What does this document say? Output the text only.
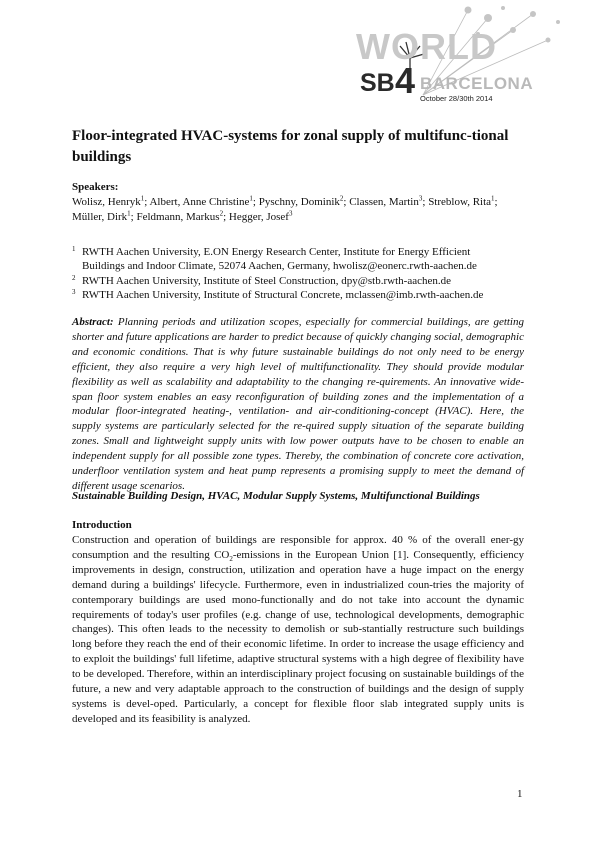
WORLD
SB 4 BARCELONA
October 28/30th 2014
Floor-integrated HVAC-systems for zonal supply of multifunc-tional buildings
Speakers:
Wolisz, Henryk$^1$; Albert, Anne Christine$^1$; Pyschny, Dominik$^2$; Classen, Martin$^3$; Streblow, Rita$^1$; Müller, Dirk$^1$; Feldmann, Markus$^2$; Hegger, Josef$^3$
1 RWTH Aachen University, E.ON Energy Research Center, Institute for Energy Efficient
Buildings and Indoor Climate, 52074 Aachen, Germany, hwolisz@eonerc.rwth-aachen.de
2 RWTH Aachen University, Institute of Steel Construction, dpy@stb.rwth-aachen.de
3 RWTH Aachen University, Institute of Structural Concrete, mclassen@imb.rwth-aachen.de
Abstract: Planning periods and utilization scopes, especially for commercial buildings, are getting shorter and future applications are harder to predict because of quickly changing social, demographic and economic conditions. That is why future sustainable buildings do not only need to be energy efficient, they also require a very high level of multifunctionality. They should provide modular flexibility as well as scalability and adaptability to the changing re-quirements. An innovative wide-span floor system enables an easy reconfiguration of building zones and the implementation of a modular floor-integrated heating-, ventilation- and air-conditioning-concept (HVAC). Here, the supply systems are particularly selected for the re-quired supply situation of the separate building zones. Small and lightweight supply units with low power outputs have to be chosen to enable an independent supply for all possible zone types. Thereby, the combination of concrete core activation, underfloor ventilation system and heat pump represents a promising supply to meet the demand of different usage scenarios.
Sustainable Building Design, HVAC, Modular Supply Systems, Multifunctional Buildings
Introduction
Construction and operation of buildings are responsible for approx. 40 % of the overall ener-gy consumption and the resulting $CO_2$-emissions in the European Union [1]. Consequently, efficiency improvements in design, construction, utilization and operation have a huge impact on the energy demand during a buildings' lifecycle. Furthermore, even in industrialized coun-tries the majority of contemporary buildings are used mono-functionally and do not take into account the dynamic requirements of today's user profiles (e.g. change of use, technological developments, demographic changes). This often leads to the necessity to demolish or sub-stantially restructure such buildings long before they reach the end of their economic lifetime. In order to increase the usage efficiency and to exploit the buildings' full lifetime, adaptive structural systems with a high degree of flexibility have to be developed. Therefore, within an interdisciplinary project focusing on sustainable buildings of the future, a new and very adaptable approach to the construction of buildings and the design of supply systems is devel-oped. Particularly, a concept for flexible floor slab integrated supply units is developed and its feasibility is analyzed.
1
